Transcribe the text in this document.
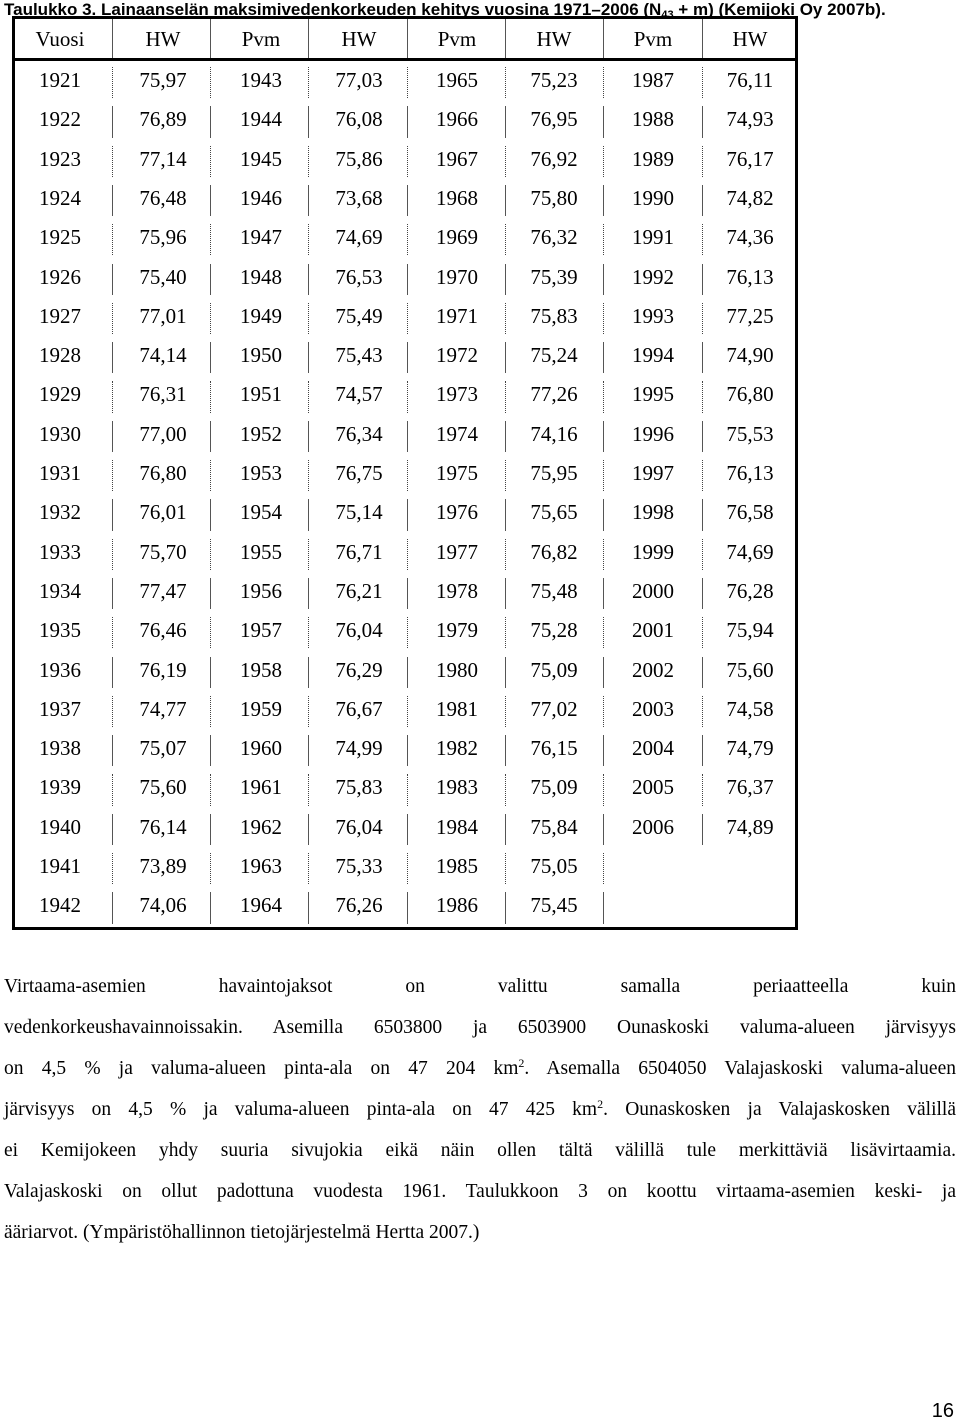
Taulukko 3. Lainaanselän maksimivedenkorkeuden kehitys vuosina 1971–2006 $(N_{43} + m)$ (Kemijoki Oy 2007b).
Vuosi	HW	Pvm	HW	Pvm	HW	Pvm	HW
1921	75,97	1943	77,03	1965	75,23	1987	76,11
1922	76,89	1944	76,08	1966	76,95	1988	74,93
1923	77,14	1945	75,86	1967	76,92	1989	76,17
1924	76,48	1946	73,68	1968	75,80	1990	74,82
1925	75,96	1947	74,69	1969	76,32	1991	74,36
1926	75,40	1948	76,53	1970	75,39	1992	76,13
1927	77,01	1949	75,49	1971	75,83	1993	77,25
1928	74,14	1950	75,43	1972	75,24	1994	74,90
1929	76,31	1951	74,57	1973	77,26	1995	76,80
1930	77,00	1952	76,34	1974	74,16	1996	75,53
1931	76,80	1953	76,75	1975	75,95	1997	76,13
1932	76,01	1954	75,14	1976	75,65	1998	76,58
1933	75,70	1955	76,71	1977	76,82	1999	74,69
1934	77,47	1956	76,21	1978	75,48	2000	76,28
1935	76,46	1957	76,04	1979	75,28	2001	75,94
1936	76,19	1958	76,29	1980	75,09	2002	75,60
1937	74,77	1959	76,67	1981	77,02	2003	74,58
1938	75,07	1960	74,99	1982	76,15	2004	74,79
1939	75,60	1961	75,83	1983	75,09	2005	76,37
1940	76,14	1962	76,04	1984	75,84	2006	74,89
1941	73,89	1963	75,33	1985	75,05
1942	74,06	1964	76,26	1986	75,45
Virtaama-asemien havaintojaksot on valittu samalla periaatteella kuin
vedenkorkeushavainnoissakin. Asemilla 6503800 ja 6503900 Ounaskoski valuma-alueen järvisyys
on 4,5 % ja valuma-alueen pinta-ala on 47 204 $km^2$. Asemalla 6504050 Valajaskoski valuma-alueen
järvisyys on 4,5 % ja valuma-alueen pinta-ala on 47 425 $km^2$. Ounaskosken ja Valajaskosken välillä
ei Kemijokeen yhdy suuria sivujokia eikä näin ollen tältä välillä tule merkittäviä lisävirtaamia.
Valajaskoski on ollut padottuna vuodesta 1961. Taulukkoon 3 on koottu virtaama-asemien keski- ja
ääriarvot. (Ympäristöhallinnon tietojärjestelmä Hertta 2007.)
16
